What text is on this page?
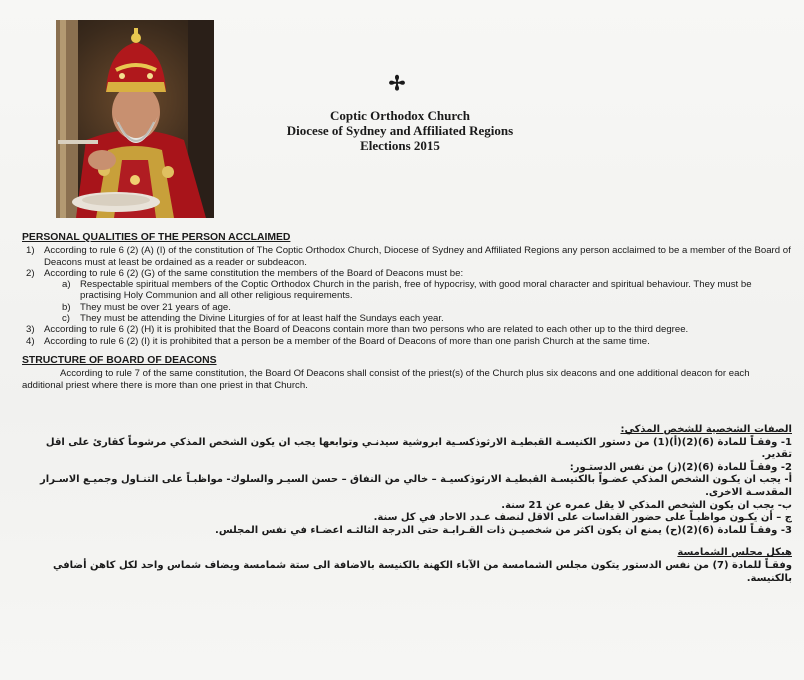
✢
Coptic Orthodox Church
Diocese of Sydney and Affiliated Regions
Elections 2015
PERSONAL QUALITIES OF THE PERSON ACCLAIMED
1) According to rule 6 (2) (A) (I) of the constitution of The Coptic Orthodox Church, Diocese of Sydney and Affiliated Regions any person acclaimed to be a member of the Board of Deacons must at least be ordained as a reader or subdeacon.
2) According to rule 6 (2) (G) of the same constitution the members of the Board of Deacons must be:
a) Respectable spiritual members of the Coptic Orthodox Church in the parish, free of hypocrisy, with good moral character and spiritual behaviour. They must be practising Holy Communion and all other religious requirements.
b) They must be over 21 years of age.
c)	They must be attending the Divine Liturgies of for at least half the Sundays each year.
3) According to rule 6 (2) (H) it is prohibited that the Board of Deacons contain more than two persons who are related to each other up to the third degree.
4) According to rule 6 (2) (I) it is prohibited that a person be a member of the Board of Deacons of more than one parish Church at the same time.
STRUCTURE OF BOARD OF DEACONS
According to rule 7 of the same constitution, the Board Of Deacons shall consist of the priest(s) of the Church plus six deacons and one additional deacon for each additional priest where there is more than one priest in that Church.
الصفات الشخصية للشخص المذكي:
1- وفقـاً للمادة (6)(2)(أ)(1) من دستور الكنيسـة القبطيـة الارثوذكسـية ابروشية سيدنـي وتوابعها يجب ان يكون الشخص المذكي مرشوماً كقارئ على اقل تقدير.
2- وفقـاً للمادة (6)(2)(ز) من نفس الدستـور:
أ- يجب ان يكـون الشخص المذكي عضـواً بالكنيسـة القبطيـة الارثوذكسيـة – خالي من النفاق – حسن السيـر والسلوك- مواظبـاً على التنـاول وجميـع الاسـرار المقدسـة الاخرى.
ب- يجب ان يكون الشخص المذكي لا يقل عمره عن 21 سنة.
ج – أن يكـون مواظبـاً على حضور القداسات على الاقل لنصف عـدد الاحاد في كل سنة.
3- وفقـاً للمادة (6)(2)(ح) يمنع ان يكون اكثر من شخصيـن ذات القـرابـة حتى الدرجة الثالثـه اعضـاء في نفس المجلس.
هيكل مجلس الشمامسة
وفقـاً للمادة (7) من نفس الدستور يتكون مجلس الشمامسة من الآباء الكهنة بالكنيسة بالاضافة الى ستة شمامسة ويضاف شماس واحد لكل كاهن أضافي بالكنيسة.
